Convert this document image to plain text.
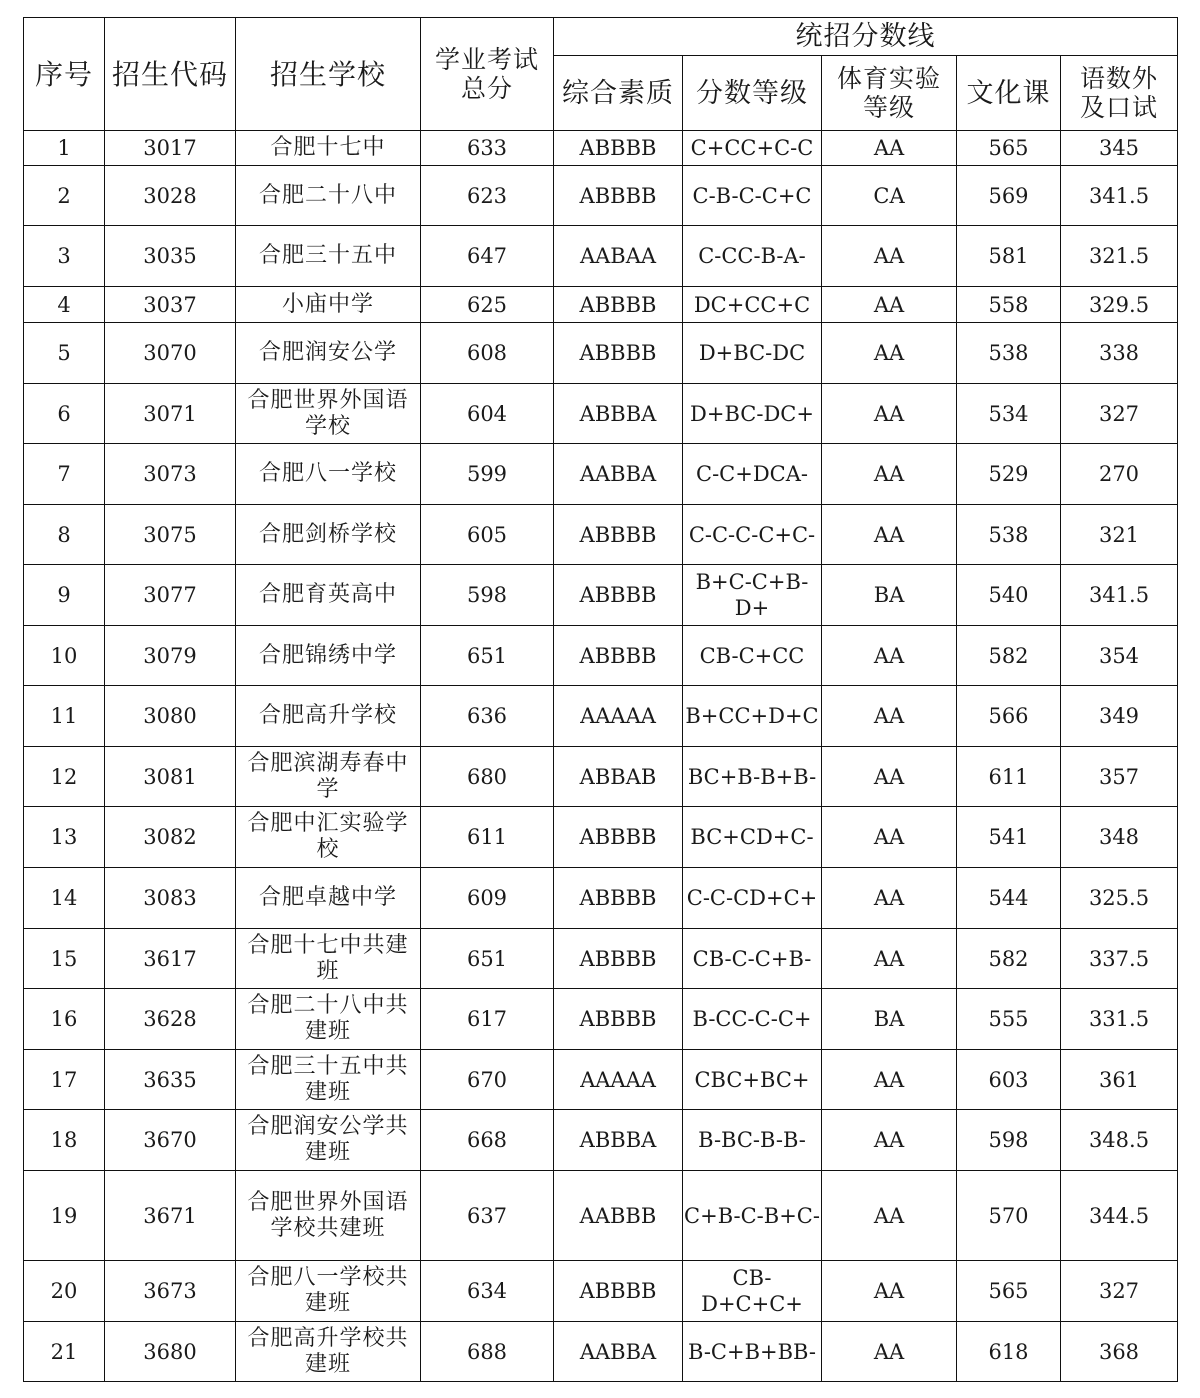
序号	招生代码	招生学校	学业考试总分	统招分数线				
				综合素质	分数等级	体育实验等级	文化课	语数外及口试

1	3017	合肥十七中	633	ABBBB	C+CC+C-C	AA	565	345
2	3028	合肥二十八中	623	ABBBB	C-B-C-C+C	CA	569	341.5
3	3035	合肥三十五中	647	AABAA	C-CC-B-A-	AA	581	321.5
4	3037	小庙中学	625	ABBBB	DC+CC+C	AA	558	329.5
5	3070	合肥润安公学	608	ABBBB	D+BC-DC	AA	538	338
6	3071	合肥世界外国语学校	604	ABBBA	D+BC-DC+	AA	534	327
7	3073	合肥八一学校	599	AABBA	C-C+DCA-	AA	529	270
8	3075	合肥剑桥学校	605	ABBBB	C-C-C-C+C-	AA	538	321
9	3077	合肥育英高中	598	ABBBB	B+C-C+B-D+	BA	540	341.5
10	3079	合肥锦绣中学	651	ABBBB	CB-C+CC	AA	582	354
11	3080	合肥高升学校	636	AAAAA	B+CC+D+C	AA	566	349
12	3081	合肥滨湖寿春中学	680	ABBAB	BC+B-B+B-	AA	611	357
13	3082	合肥中汇实验学校	611	ABBBB	BC+CD+C-	AA	541	348
14	3083	合肥卓越中学	609	ABBBB	C-C-CD+C+	AA	544	325.5
15	3617	合肥十七中共建班	651	ABBBB	CB-C-C+B-	AA	582	337.5
16	3628	合肥二十八中共建班	617	ABBBB	B-CC-C-C+	BA	555	331.5
17	3635	合肥三十五中共建班	670	AAAAA	CBC+BC+	AA	603	361
18	3670	合肥润安公学共建班	668	ABBBA	B-BC-B-B-	AA	598	348.5
19	3671	合肥世界外国语学校共建班	637	AABBB	C+B-C-B+C-	AA	570	344.5
20	3673	合肥八一学校共建班	634	ABBBB	CB-D+C+C+	AA	565	327
21	3680	合肥高升学校共建班	688	AABBA	B-C+B+BB-	AA	618	368
